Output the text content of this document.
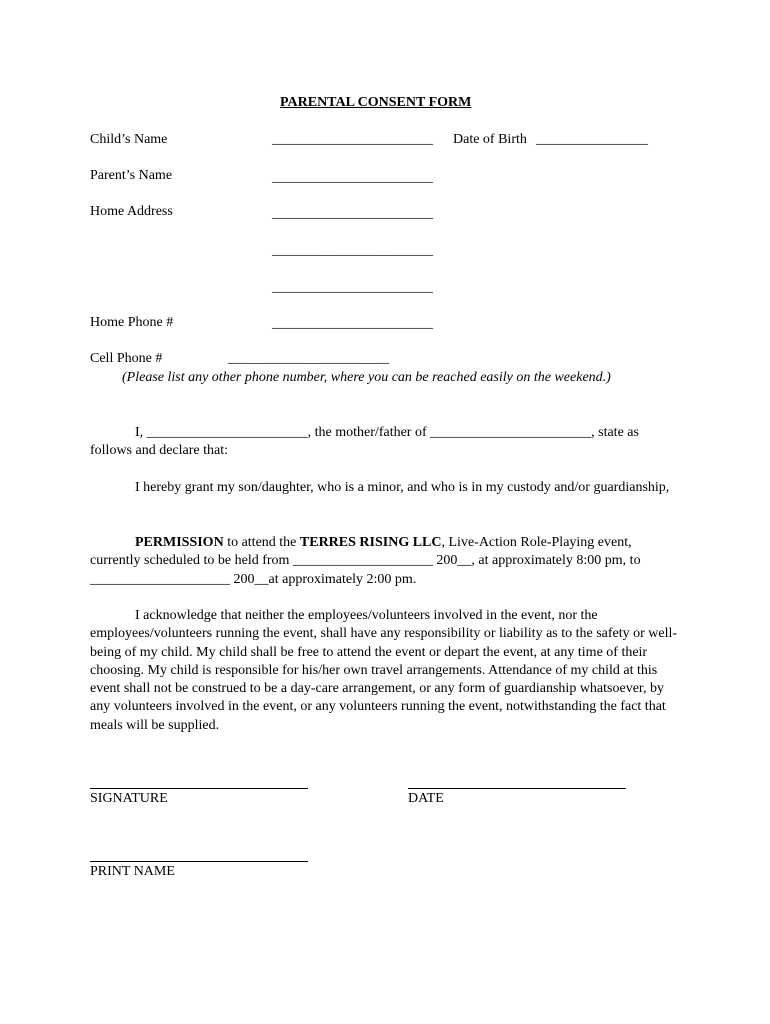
PARENTAL CONSENT FORM
Child’s Name	_______________________ Date of Birth ________________
Parent’s Name	_______________________
Home Address	_______________________
_______________________
_______________________
Home Phone #	_______________________
Cell Phone #	_______________________
(Please list any other phone number, where you can be reached easily on the weekend.)
I, _______________________, the mother/father of _______________________, state as follows and declare that:
I hereby grant my son/daughter, who is a minor, and who is in my custody and/or guardianship,
PERMISSION to attend the TERRES RISING LLC, Live-Action Role-Playing event, currently scheduled to be held from ____________________ 200__, at approximately 8:00 pm, to ____________________ 200__at approximately 2:00 pm.
I acknowledge that neither the employees/volunteers involved in the event, nor the employees/volunteers running the event, shall have any responsibility or liability as to the safety or well-being of my child. My child shall be free to attend the event or depart the event, at any time of their choosing. My child is responsible for his/her own travel arrangements. Attendance of my child at this event shall not be construed to be a day-care arrangement, or any form of guardianship whatsoever, by any volunteers involved in the event, or any volunteers running the event, notwithstanding the fact that meals will be supplied.
SIGNATURE	DATE
PRINT NAME
